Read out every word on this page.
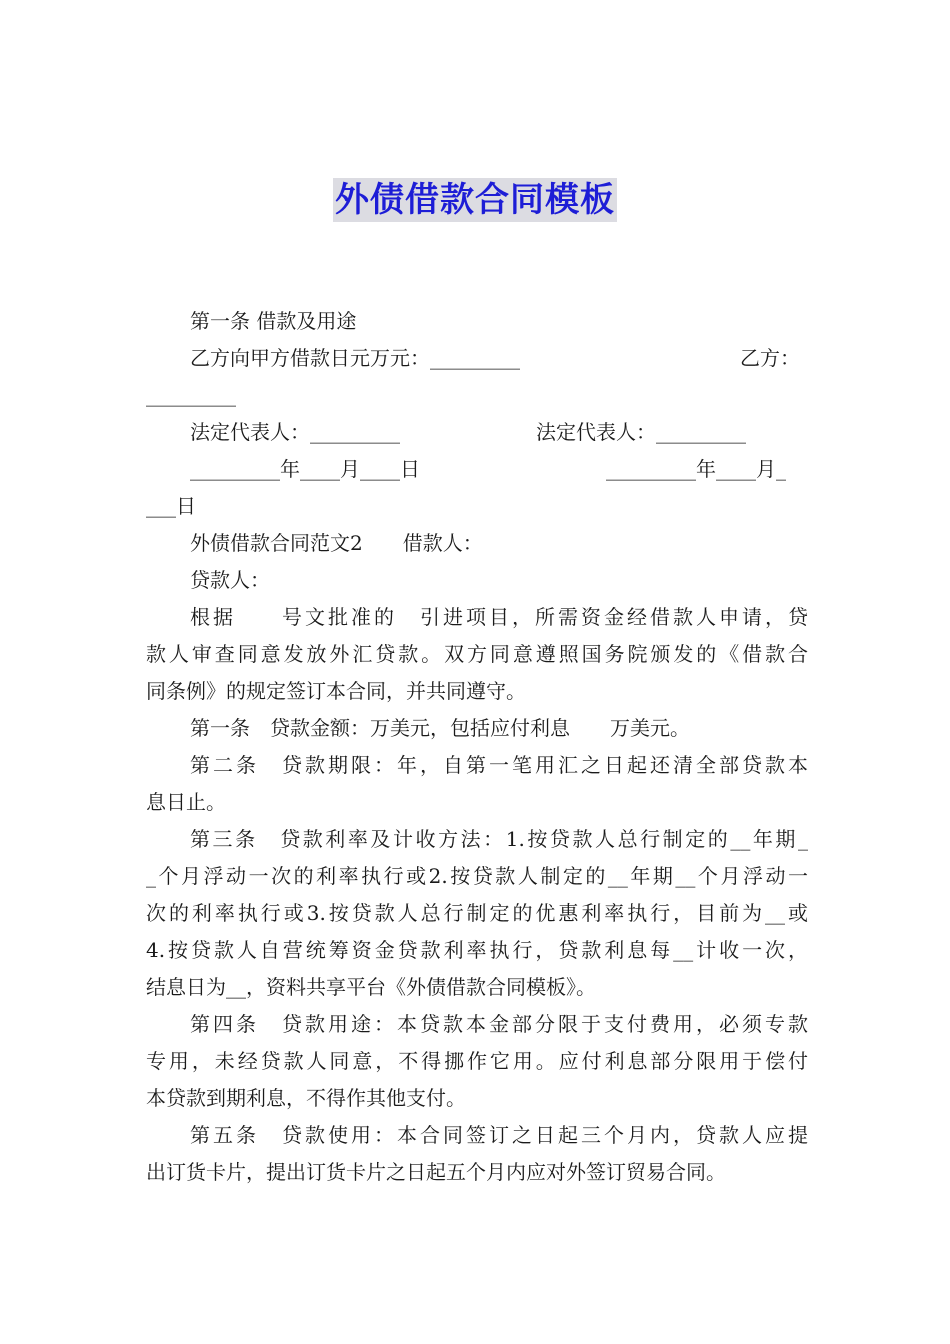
外债借款合同模板
第一条 借款及用途
乙方向甲方借款日元万元：_________	乙方：
_________
法定代表人：_________	法定代表人：_________
_________年____月____日	_________年____月_
___日
外债借款合同范文2　　借款人：
贷款人：
根据　　号文批准的　引进项目，所需资金经借款人申请，贷
款人审查同意发放外汇贷款。双方同意遵照国务院颁发的《借款合
同条例》的规定签订本合同，并共同遵守。
第一条　贷款金额：万美元，包括应付利息　　万美元。
第二条　贷款期限：年，自第一笔用汇之日起还清全部贷款本
息日止。
第三条　贷款利率及计收方法：1.按贷款人总行制定的__年期_
_个月浮动一次的利率执行或2.按贷款人制定的__年期__个月浮动一
次的利率执行或3.按贷款人总行制定的优惠利率执行，目前为__或
4.按贷款人自营统筹资金贷款利率执行，贷款利息每__计收一次，
结息日为__，资料共享平台《外债借款合同模板》。
第四条　贷款用途：本贷款本金部分限于支付费用，必须专款
专用，未经贷款人同意，不得挪作它用。应付利息部分限用于偿付
本贷款到期利息，不得作其他支付。
第五条　贷款使用：本合同签订之日起三个月内，贷款人应提
出订货卡片，提出订货卡片之日起五个月内应对外签订贸易合同。
